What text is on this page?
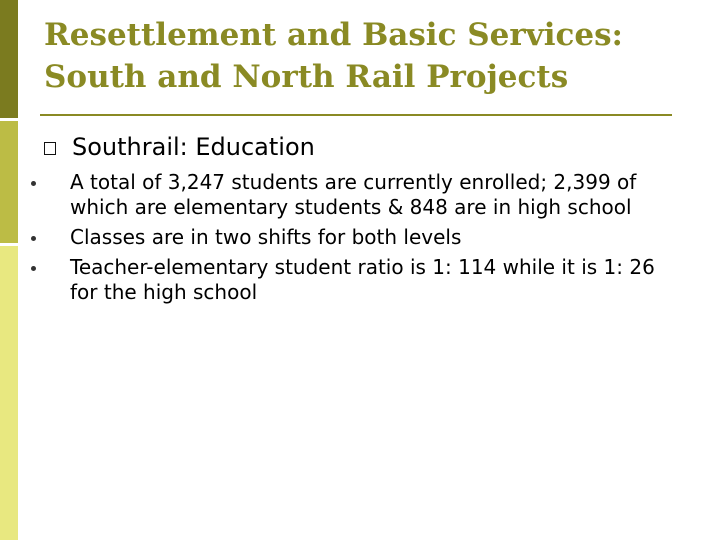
Resettlement and Basic Services:
South and North Rail Projects
Southrail: Education
A total of 3,247 students are currently enrolled; 2,399 of which are elementary students & 848 are in high school
Classes are in two shifts for both levels
Teacher-elementary student ratio is 1: 114 while it is 1: 26 for the high school
